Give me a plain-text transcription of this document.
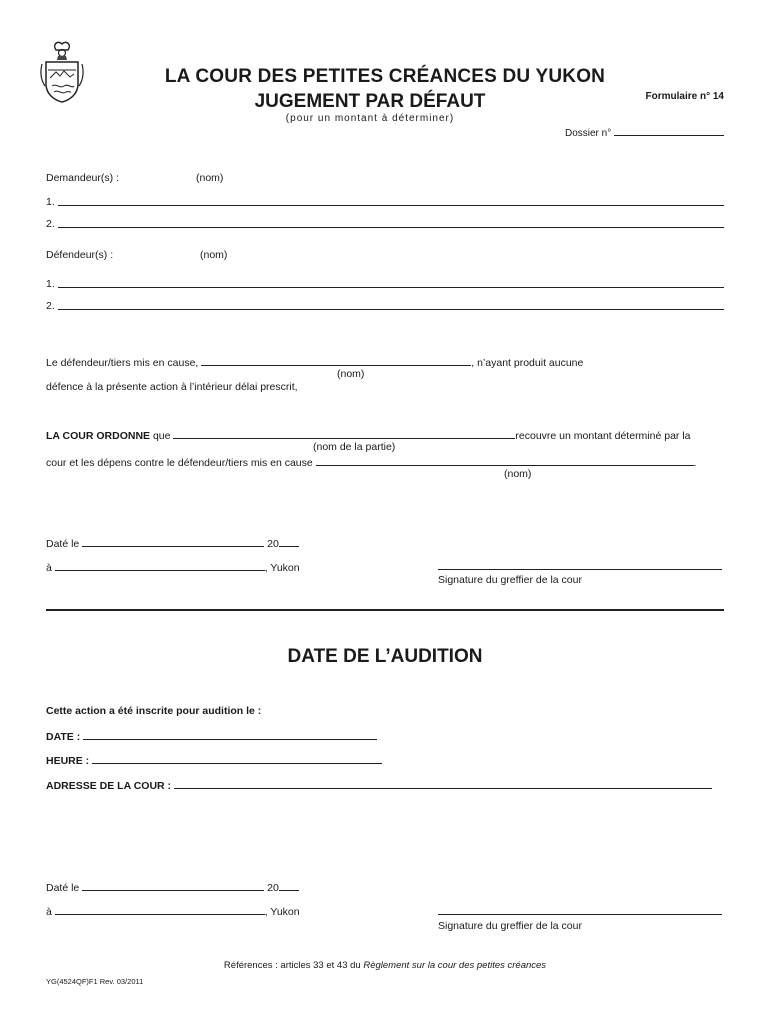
LA COUR DES PETITES CRÉANCES DU YUKON
JUGEMENT PAR DÉFAUT
(pour un montant à déterminer)
Formulaire n° 14
Dossier n°
Demandeur(s) :	(nom)
1.
2.
Défendeur(s) :	(nom)
1.
2.
Le défendeur/tiers mis en cause,	, n’ayant produit aucune
(nom)
défence à la présente action à l’intérieur délai prescrit,
LA COUR ORDONNE que	recouvre un montant déterminé par la
(nom de la partie)
cour et les dépens contre le défendeur/tiers mis en cause	.
(nom)
Daté le	20
à	, Yukon
Signature du greffier de la cour
DATE DE L’AUDITION
Cette action a été inscrite pour audition le :
DATE :
HEURE :
ADRESSE DE LA COUR :
Daté le	20
à	, Yukon
Signature du greffier de la cour
Références : articles 33 et 43 du Règlement sur la cour des petites créances
YG(4524QF)F1 Rev. 03/2011
